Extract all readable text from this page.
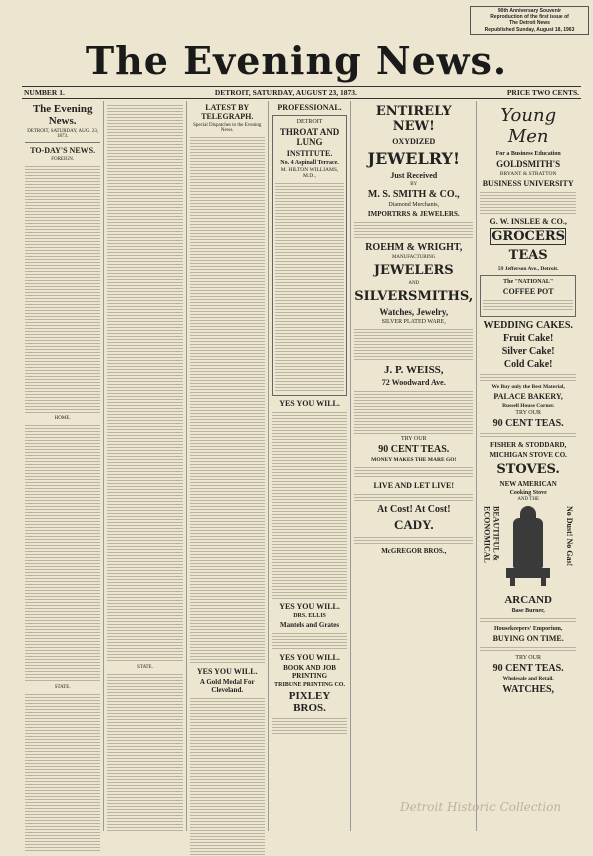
90th Anniversary Souvenir
Reproduction of the first issue of
The Detroit News
Republished Sunday, August 18, 1963
The Evening News.
NUMBER 1.	DETROIT, SATURDAY, AUGUST 23, 1873.	PRICE TWO CENTS.
The Evening News.
DETROIT, SATURDAY, AUG. 23, 1873.
TO-DAY'S NEWS.
FOREIGN.
HOME.
STATE.
STATE.
LATEST BY TELEGRAPH.
Special Dispatches to the Evening News.
YES YOU WILL.
A Gold Medal For Cleveland.
PROFESSIONAL.
DETROIT
THROAT AND LUNG
INSTITUTE.
No. 4 Aspinall Terrace.
M. HILTON WILLIAMS, M.D.,
YES YOU WILL.
YES YOU WILL.
DRS. ELLIS
Mantels and Grates
YES YOU WILL.
BOOK AND JOB PRINTING
TRIBUNE PRINTING CO.
PIXLEY BROS.
ENTIRELY NEW!
OXYDIZED
JEWELRY!
Just Received
BY
M. S. SMITH & CO.,
Diamond Merchants,
IMPORTRRS & JEWELERS.
ROEHM & WRIGHT,
MANUFACTURING
JEWELERS
AND
SILVERSMITHS,
Watches, Jewelry,
SILVER PLATED WARE,
J. P. WEISS,
72 Woodward Ave.
TRY OUR
90 CENT TEAS.
MONEY MAKES THE MARE GO!
LIVE AND LET LIVE!
At Cost! At Cost!
CADY.
McGREGOR BROS.,
Young Men
For a Business Education
GOLDSMITH'S
BRYANT & STRATTON
BUSINESS UNIVERSITY
G. W. INSLEE & CO.,
GROCERS
TEAS
59 Jefferson Ave., Detroit.
The "NATIONAL"
COFFEE POT
WEDDING CAKES.
Fruit Cake!
Silver Cake!
Cold Cake!
We Buy only the Best Material,
PALACE BAKERY,
Russell House Corner.
TRY OUR
90 CENT TEAS.
FISHER & STODDARD,
MICHIGAN STOVE CO.
STOVES.
NEW AMERICAN
Cooking Stove
AND THE
BEAUTIFUL & ECONOMICAL	No Dust! No Gas!
ARCAND
Base Burner,
Housekeepers' Emporium,
BUYING ON TIME.
TRY OUR
90 CENT TEAS.
Wholesale and Retail.
WATCHES,
Detroit Historic Collection
